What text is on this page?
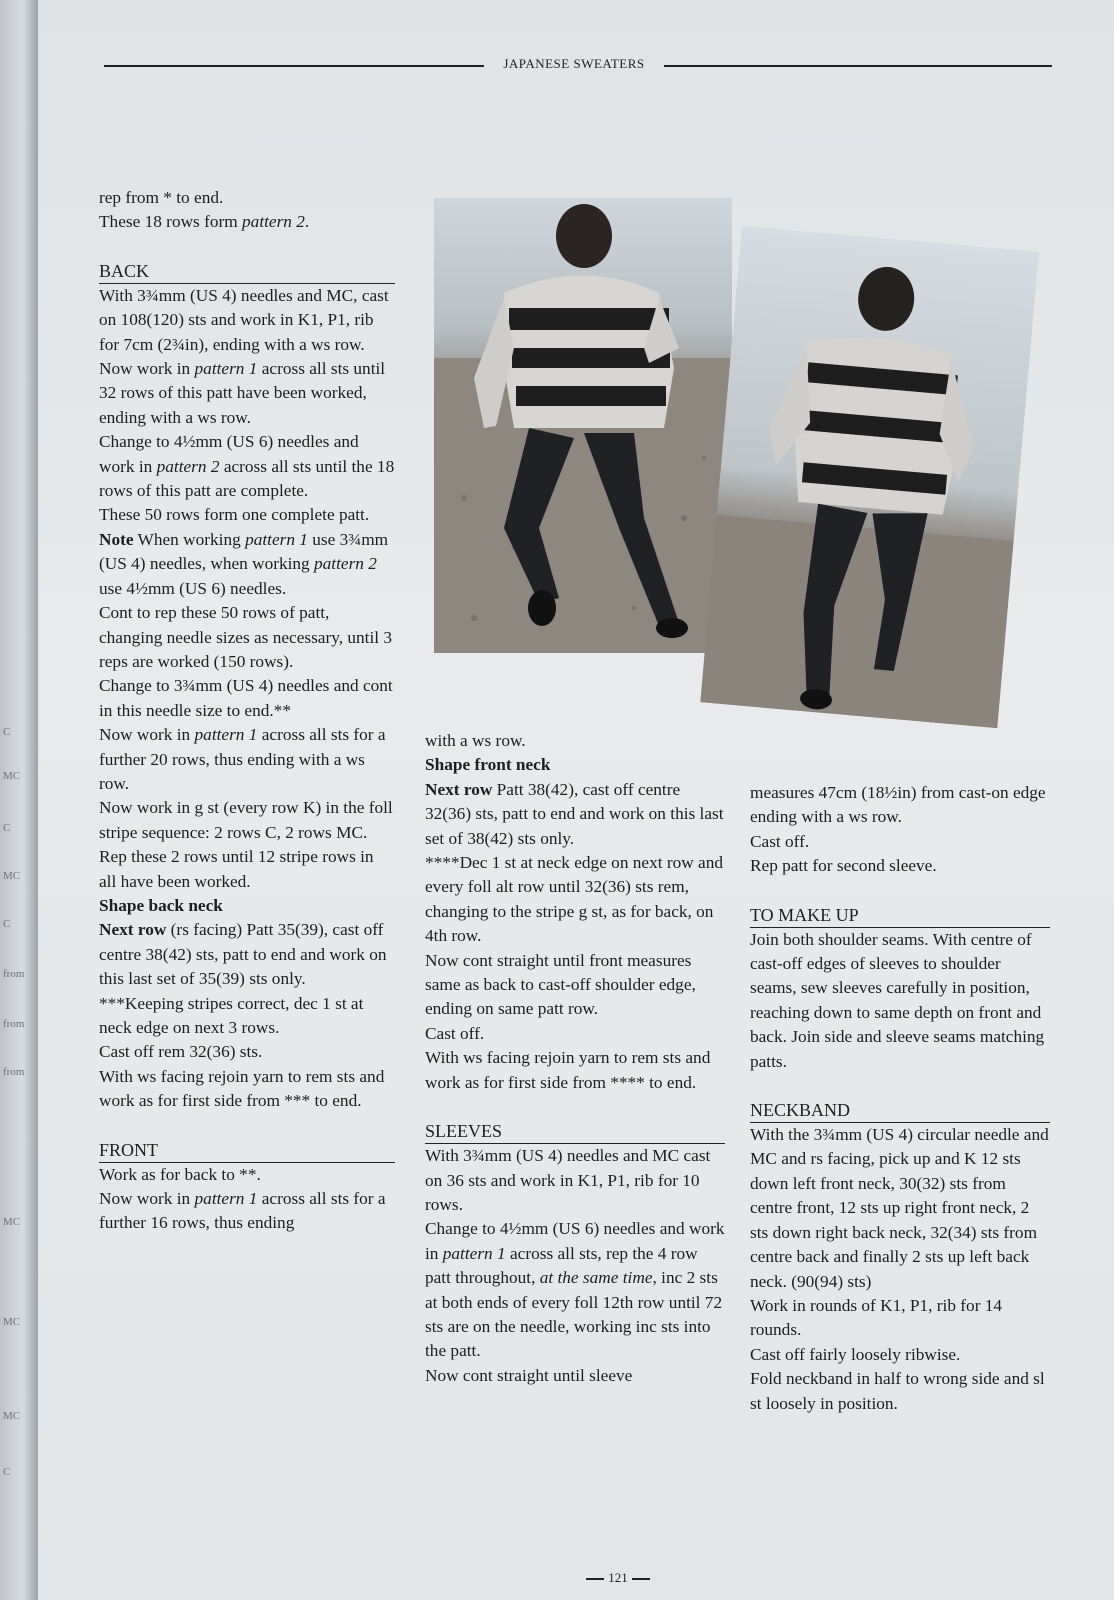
C
MC
C
MC
C
from
from
from
MC
MC
MC
C
JAPANESE SWEATERS

rep from * to end.

These 18 rows form pattern 2.

BACK

With 3¾mm (US 4) needles and MC, cast on 108(120) sts and work in K1, P1, rib for 7cm (2¾in), ending with a ws row.

Now work in pattern 1 across all sts until 32 rows of this patt have been worked, ending with a ws row.

Change to 4½mm (US 6) needles and work in pattern 2 across all sts until the 18 rows of this patt are complete.

These 50 rows form one complete patt.

Note When working pattern 1 use 3¾mm (US 4) needles, when working pattern 2 use 4½mm (US 6) needles.

Cont to rep these 50 rows of patt, changing needle sizes as necessary, until 3 reps are worked (150 rows).

Change to 3¾mm (US 4) needles and cont in this needle size to end.**

Now work in pattern 1 across all sts for a further 20 rows, thus ending with a ws row.

Now work in g st (every row K) in the foll stripe sequence: 2 rows C, 2 rows MC.

Rep these 2 rows until 12 stripe rows in all have been worked.

Shape back neck

Next row (rs facing) Patt 35(39), cast off centre 38(42) sts, patt to end and work on this last set of 35(39) sts only.

***Keeping stripes correct, dec 1 st at neck edge on next 3 rows.

Cast off rem 32(36) sts.

With ws facing rejoin yarn to rem sts and work as for first side from *** to end.

FRONT

Work as for back to **.

Now work in pattern 1 across all sts for a further 16 rows, thus ending

with a ws row.

Shape front neck

Next row Patt 38(42), cast off centre 32(36) sts, patt to end and work on this last set of 38(42) sts only.

****Dec 1 st at neck edge on next row and every foll alt row until 32(36) sts rem, changing to the stripe g st, as for back, on 4th row.

Now cont straight until front measures same as back to cast-off shoulder edge, ending on same patt row.

Cast off.

With ws facing rejoin yarn to rem sts and work as for first side from **** to end.

SLEEVES

With 3¾mm (US 4) needles and MC cast on 36 sts and work in K1, P1, rib for 10 rows.

Change to 4½mm (US 6) needles and work in pattern 1 across all sts, rep the 4 row patt throughout, at the same time, inc 2 sts at both ends of every foll 12th row until 72 sts are on the needle, working inc sts into the patt.

Now cont straight until sleeve

measures 47cm (18½in) from cast-on edge ending with a ws row.

Cast off.

Rep patt for second sleeve.

TO MAKE UP

Join both shoulder seams. With centre of cast-off edges of sleeves to shoulder seams, sew sleeves carefully in position, reaching down to same depth on front and back. Join side and sleeve seams matching patts.

NECKBAND

With the 3¾mm (US 4) circular needle and MC and rs facing, pick up and K 12 sts down left front neck, 30(32) sts from centre front, 12 sts up right front neck, 2 sts down right back neck, 32(34) sts from centre back and finally 2 sts up left back neck. (90(94) sts)

Work in rounds of K1, P1, rib for 14 rounds.

Cast off fairly loosely ribwise.

Fold neckband in half to wrong side and sl st loosely in position.

121
